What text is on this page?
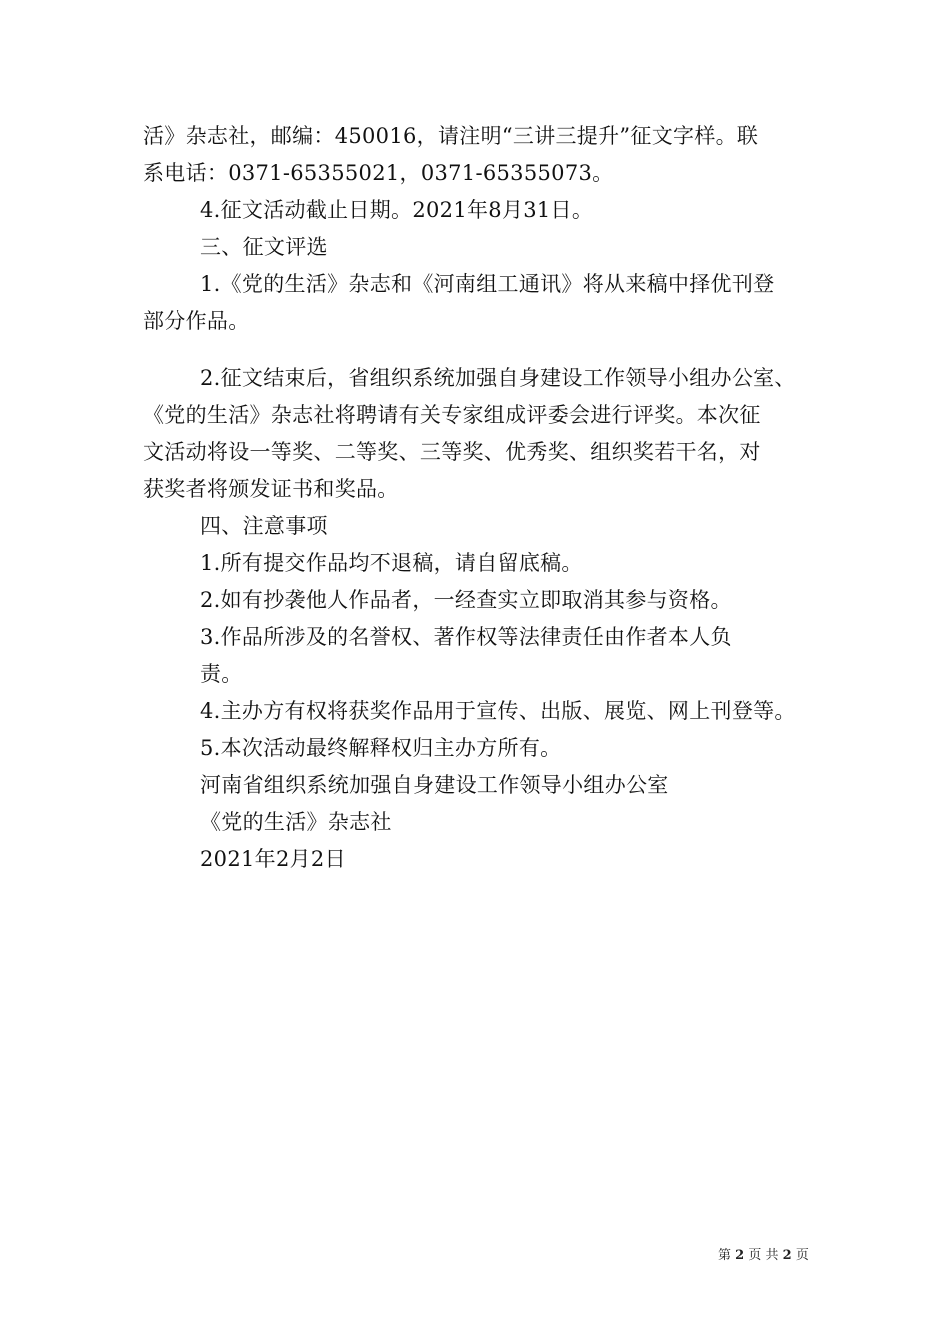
活》杂志社，邮编：450016，请注明“三讲三提升”征文字样。联
系电话：0371-65355021，0371-65355073。
4.征文活动截止日期。2021年8月31日。
三、征文评选
1.《党的生活》杂志和《河南组工通讯》将从来稿中择优刊登
部分作品。
2.征文结束后，省组织系统加强自身建设工作领导小组办公室、
《党的生活》杂志社将聘请有关专家组成评委会进行评奖。本次征
文活动将设一等奖、二等奖、三等奖、优秀奖、组织奖若干名，对
获奖者将颁发证书和奖品。
四、注意事项
1.所有提交作品均不退稿，请自留底稿。
2.如有抄袭他人作品者，一经查实立即取消其参与资格。
3.作品所涉及的名誉权、著作权等法律责任由作者本人负
责。
4.主办方有权将获奖作品用于宣传、出版、展览、网上刊登等。
5.本次活动最终解释权归主办方所有。
河南省组织系统加强自身建设工作领导小组办公室
《党的生活》杂志社
2021年2月2日
第 2 页 共 2 页
